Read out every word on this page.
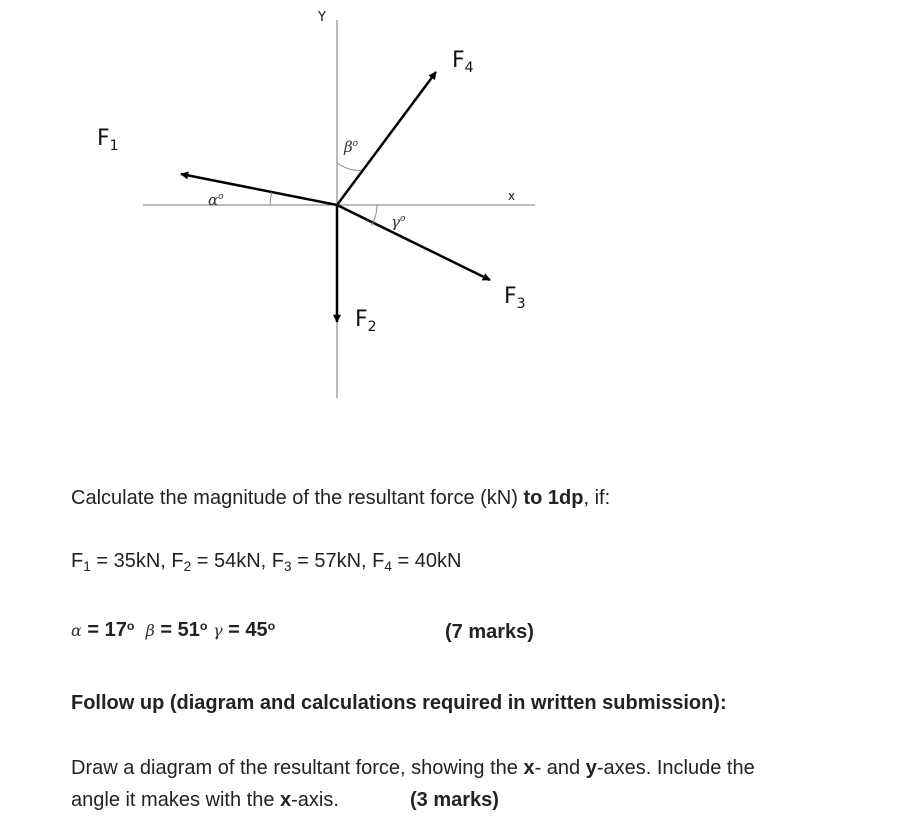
Y
x
$\alpha^o$
$\beta^o$
$\gamma^o$
$F_1$
$F_2$
$F_3$
$F_4$
Calculate the magnitude of the resultant force (kN) to 1dp, if:
$F_1 = 35kN$, $F_2 = 54kN$, $F_3 = 57kN$, $F_4 = 40kN$
$\alpha = 17^o$ $\beta = 51^o$ $\gamma = 45^o$	(7 marks)
Follow up (diagram and calculations required in written submission):
Draw a diagram of the resultant force, showing the x- and y-axes. Include the
angle it makes with the x-axis.	(3 marks)
